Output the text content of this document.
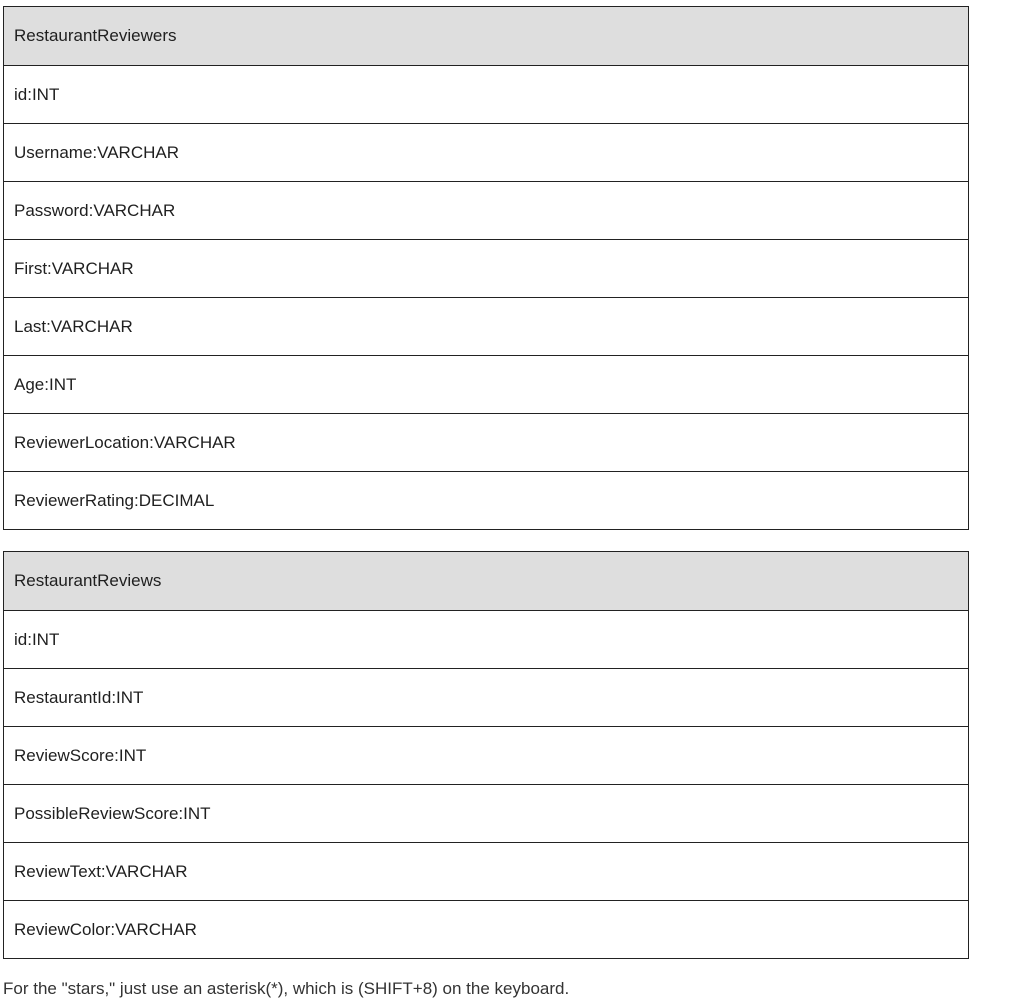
RestaurantReviewers
id:INT
Username:VARCHAR
Password:VARCHAR
First:VARCHAR
Last:VARCHAR
Age:INT
ReviewerLocation:VARCHAR
ReviewerRating:DECIMAL
RestaurantReviews
id:INT
RestaurantId:INT
ReviewScore:INT
PossibleReviewScore:INT
ReviewText:VARCHAR
ReviewColor:VARCHAR
For the "stars," just use an asterisk(*), which is (SHIFT+8) on the keyboard.
